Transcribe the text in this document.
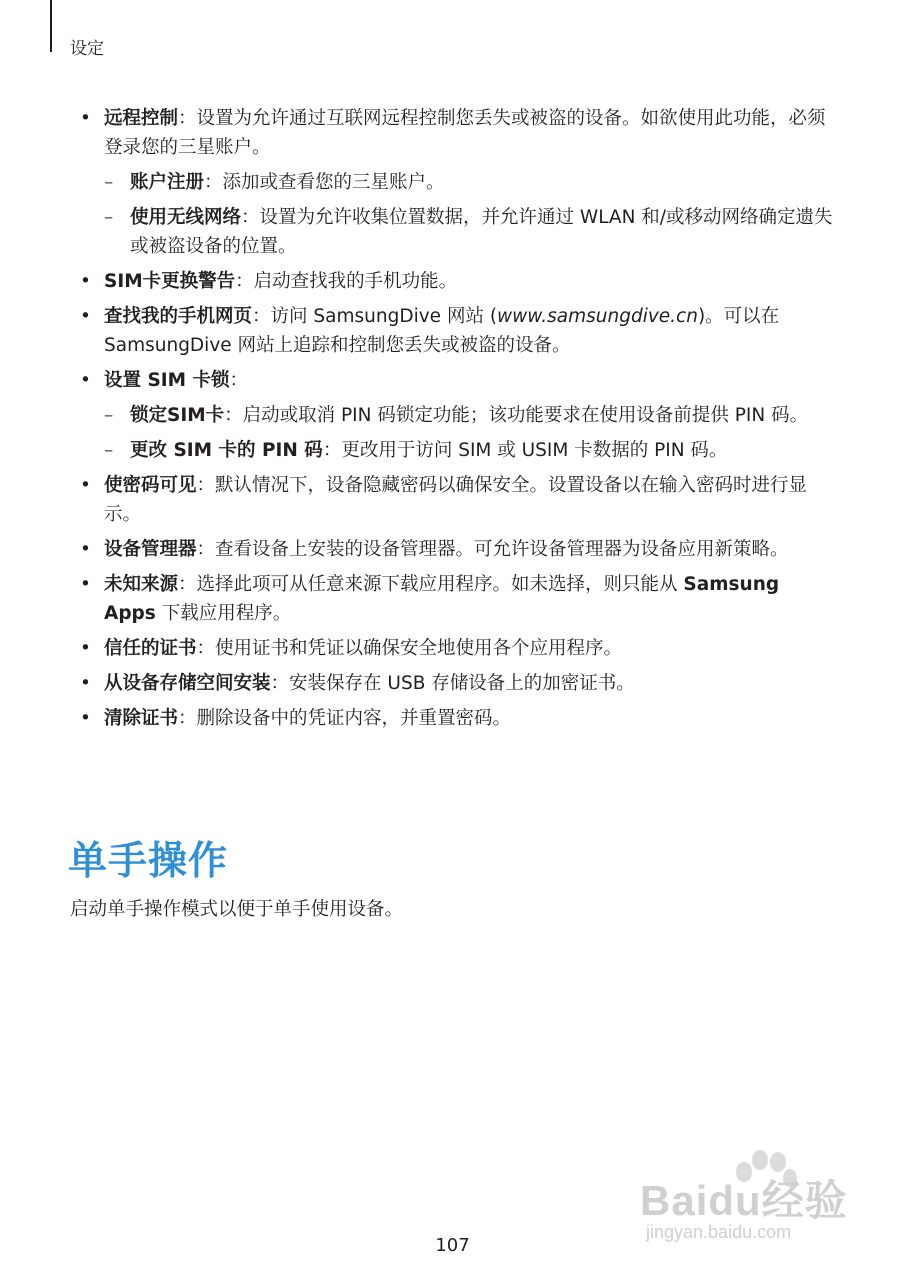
设定
• 远程控制：设置为允许通过互联网远程控制您丢失或被盗的设备。如欲使用此功能，必须登录您的三星账户。
– 账户注册：添加或查看您的三星账户。
– 使用无线网络：设置为允许收集位置数据，并允许通过 WLAN 和/或移动网络确定遗失或被盗设备的位置。
• SIM卡更换警告：启动查找我的手机功能。
• 查找我的手机网页：访问 SamsungDive 网站 (www.samsungdive.cn)。可以在 SamsungDive 网站上追踪和控制您丢失或被盗的设备。
• 设置 SIM 卡锁：
– 锁定SIM卡：启动或取消 PIN 码锁定功能；该功能要求在使用设备前提供 PIN 码。
– 更改 SIM 卡的 PIN 码：更改用于访问 SIM 或 USIM 卡数据的 PIN 码。
• 使密码可见：默认情况下，设备隐藏密码以确保安全。设置设备以在输入密码时进行显示。
• 设备管理器：查看设备上安装的设备管理器。可允许设备管理器为设备应用新策略。
• 未知来源：选择此项可从任意来源下载应用程序。如未选择，则只能从 Samsung Apps 下载应用程序。
• 信任的证书：使用证书和凭证以确保安全地使用各个应用程序。
• 从设备存储空间安装：安装保存在 USB 存储设备上的加密证书。
• 清除证书：删除设备中的凭证内容，并重置密码。
单手操作
启动单手操作模式以便于单手使用设备。
Baidu经验
jingyan.baidu.com
107
